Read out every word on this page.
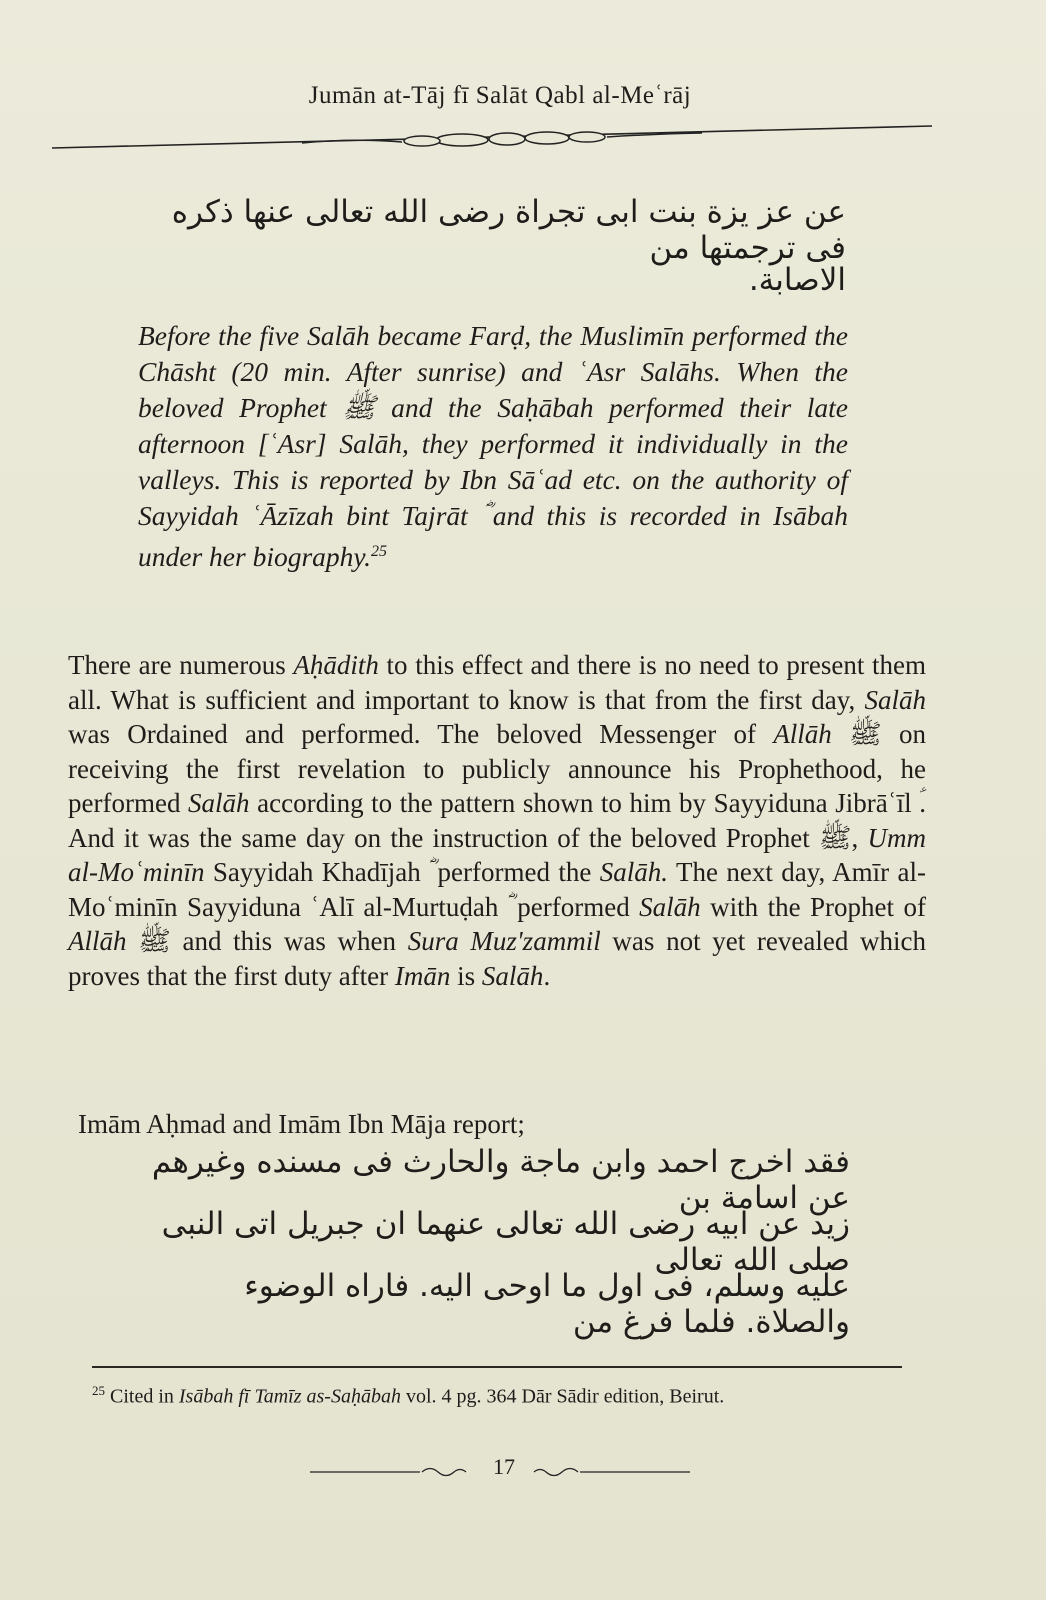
Jumān at-Tāj fī Salāt Qabl al-Meʿrāj
عن عز يزة بنت ابى تجراة رضى الله تعالى عنها ذكره فى ترجمتها من
الاصابة.
Before the five Salāh became Farḍ, the Muslimīn performed the Chāsht (20 min. After sunrise) and ʿAsr Salāhs. When the beloved Prophet ﷺ and the Saḥābah performed their late afternoon [ʿAsr] Salāh, they performed it individually in the valleys. This is reported by Ibn Sāʿad etc. on the authority of Sayyidah ʿĀzīzah bint Tajrāt ؓ and this is recorded in Isābah under her biography.$^{25}$
There are numerous Aḥādith to this effect and there is no need to present them all. What is sufficient and important to know is that from the first day, Salāh was Ordained and performed. The beloved Messenger of Allāh ﷺ on receiving the first revelation to publicly announce his Prophethood, he performed Salāh according to the pattern shown to him by Sayyiduna Jibrāʿīl ؑ. And it was the same day on the instruction of the beloved Prophet ﷺ, Umm al-Moʿminīn Sayyidah Khadījah ؓ performed the Salāh. The next day, Amīr al-Moʿminīn Sayyiduna ʿAlī al-Murtuḍah ؓ performed Salāh with the Prophet of Allāh ﷺ and this was when Sura Muz'zammil was not yet revealed which proves that the first duty after Imān is Salāh.
Imām Aḥmad and Imām Ibn Māja report;
فقد اخرج احمد وابن ماجة والحارث فى مسنده وغيرهم عن اسامة بن
زيد عن ابيه رضى الله تعالى عنهما ان جبريل اتى النبى صلى الله تعالى
عليه وسلم، فى اول ما اوحى اليه. فاراه الوضوء والصلاة. فلما فرغ من
$^{25}$ Cited in Isābah fī Tamīz as-Saḥābah vol. 4 pg. 364 Dār Sādir edition, Beirut.
17
